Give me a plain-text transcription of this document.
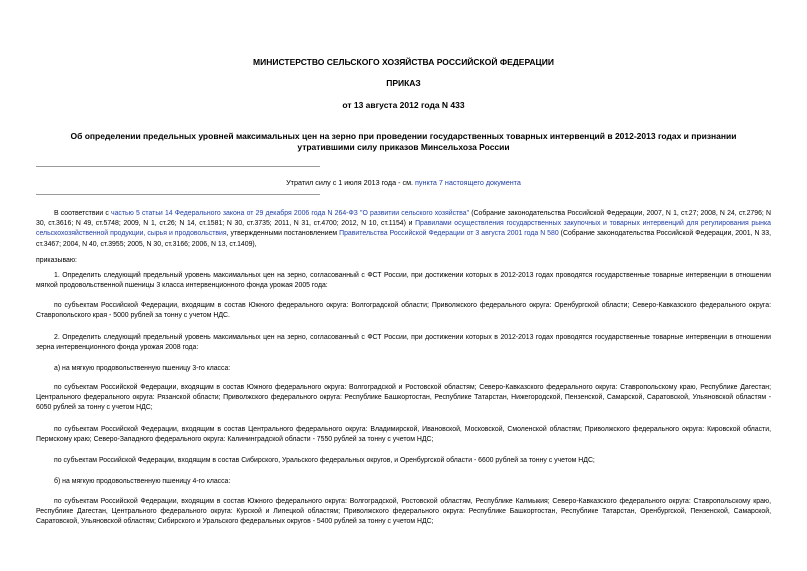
МИНИСТЕРСТВО СЕЛЬСКОГО ХОЗЯЙСТВА РОССИЙСКОЙ ФЕДЕРАЦИИ
ПРИКАЗ
от 13 августа 2012 года N 433
Об определении предельных уровней максимальных цен на зерно при проведении государственных товарных интервенций в 2012-2013 годах и признании утратившими силу приказов Минсельхоза России
Утратил силу с 1 июля 2013 года - см. пункта 7 настоящего документа
В соответствии с частью 5 статьи 14 Федерального закона от 29 декабря 2006 года N 264-ФЗ "О развитии сельского хозяйства" (Собрание законодательства Российской Федерации, 2007, N 1, ст.27; 2008, N 24, ст.2796; N 30, ст.3616; N 49, ст.5748; 2009, N 1, ст.26; N 14, ст.1581; N 30, ст.3735; 2011, N 31, ст.4700; 2012, N 10, ст.1154) и Правилами осуществления государственных закупочных и товарных интервенций для регулирования рынка сельскохозяйственной продукции, сырья и продовольствия, утвержденными постановлением Правительства Российской Федерации от 3 августа 2001 года N 580 (Собрание законодательства Российской Федерации, 2001, N 33, ст.3467; 2004, N 40, ст.3955; 2005, N 30, ст.3166; 2006, N 13, ст.1409),
приказываю:
1. Определить следующий предельный уровень максимальных цен на зерно, согласованный с ФСТ России, при достижении которых в 2012-2013 годах проводятся государственные товарные интервенции в отношении мягкой продовольственной пшеницы 3 класса интервенционного фонда урожая 2005 года:
по субъектам Российской Федерации, входящим в состав Южного федерального округа: Волгоградской области; Приволжского федерального округа: Оренбургской области; Северо-Кавказского федерального округа: Ставропольского края - 5000 рублей за тонну с учетом НДС.
2. Определить следующий предельный уровень максимальных цен на зерно, согласованный с ФСТ России, при достижении которых в 2012-2013 годах проводятся государственные товарные интервенции в отношении зерна интервенционного фонда урожая 2008 года:
а) на мягкую продовольственную пшеницу 3-го класса:
по субъектам Российской Федерации, входящим в состав Южного федерального округа: Волгоградской и Ростовской областям; Северо-Кавказского федерального округа: Ставропольскому краю, Республике Дагестан; Центрального федерального округа: Рязанской области; Приволжского федерального округа: Республике Башкортостан, Республике Татарстан, Нижегородской, Пензенской, Самарской, Саратовской, Ульяновской областям - 6050 рублей за тонну с учетом НДС;
по субъектам Российской Федерации, входящим в состав Центрального федерального округа: Владимирской, Ивановской, Московской, Смоленской областям; Приволжского федерального округа: Кировской области, Пермскому краю; Северо-Западного федерального округа: Калининградской области - 7550 рублей за тонну с учетом НДС;
по субъектам Российской Федерации, входящим в состав Сибирского, Уральского федеральных округов, и Оренбургской области - 6600 рублей за тонну с учетом НДС;
б) на мягкую продовольственную пшеницу 4-го класса:
по субъектам Российской Федерации, входящим в состав Южного федерального округа: Волгоградской, Ростовской областям, Республике Калмыкия; Северо-Кавказского федерального округа: Ставропольскому краю, Республике Дагестан, Центрального федерального округа: Курской и Липецкой областям; Приволжского федерального округа: Республике Башкортостан, Республике Татарстан, Оренбургской, Пензенской, Самарской, Саратовской, Ульяновской областям; Сибирского и Уральского федеральных округов - 5400 рублей за тонну с учетом НДС;
